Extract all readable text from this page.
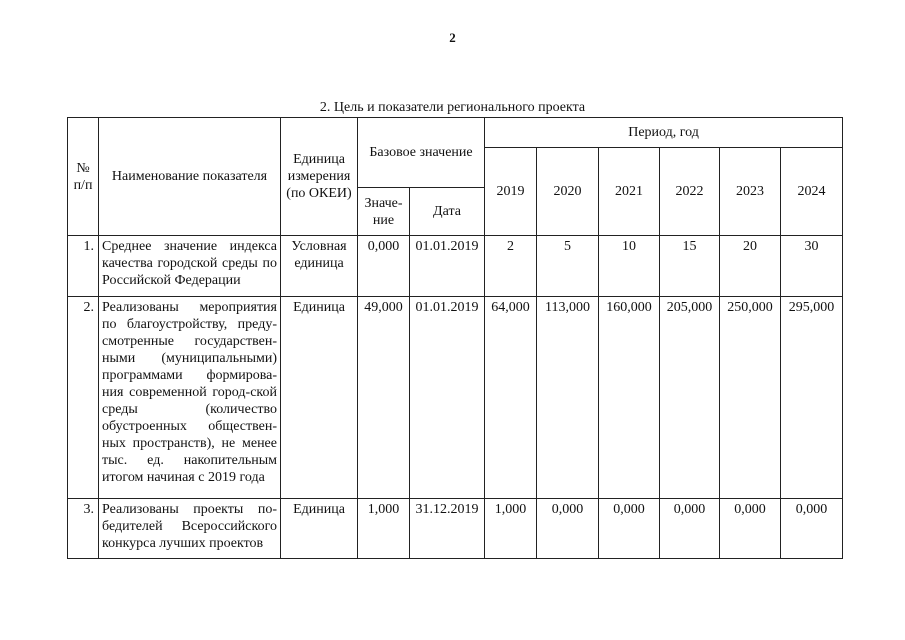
2
2. Цель и показатели регионального проекта
№ п/п	Наименование показателя	Единица измерения (по ОКЕИ)	Базовое значение		Период, год					
					2019	2020	2021	2022	2023	2024
			Значе-ние	Дата						
1.	Среднее значение индекса качества городской среды по Российской Федерации	Условная единица	0,000	01.01.2019	2	5	10	15	20	30
2.	Реализованы мероприятия по благоустройству, преду-смотренные государствен-ными (муниципальными) программами формирова-ния современной город-ской среды (количество обустроенных обществен-ных пространств), не менее тыс. ед. накопительным итогом начиная с 2019 года	Единица	49,000	01.01.2019	64,000	113,000	160,000	205,000	250,000	295,000
3.	Реализованы проекты по-бедителей Всероссийского конкурса лучших проектов	Единица	1,000	31.12.2019	1,000	0,000	0,000	0,000	0,000	0,000
